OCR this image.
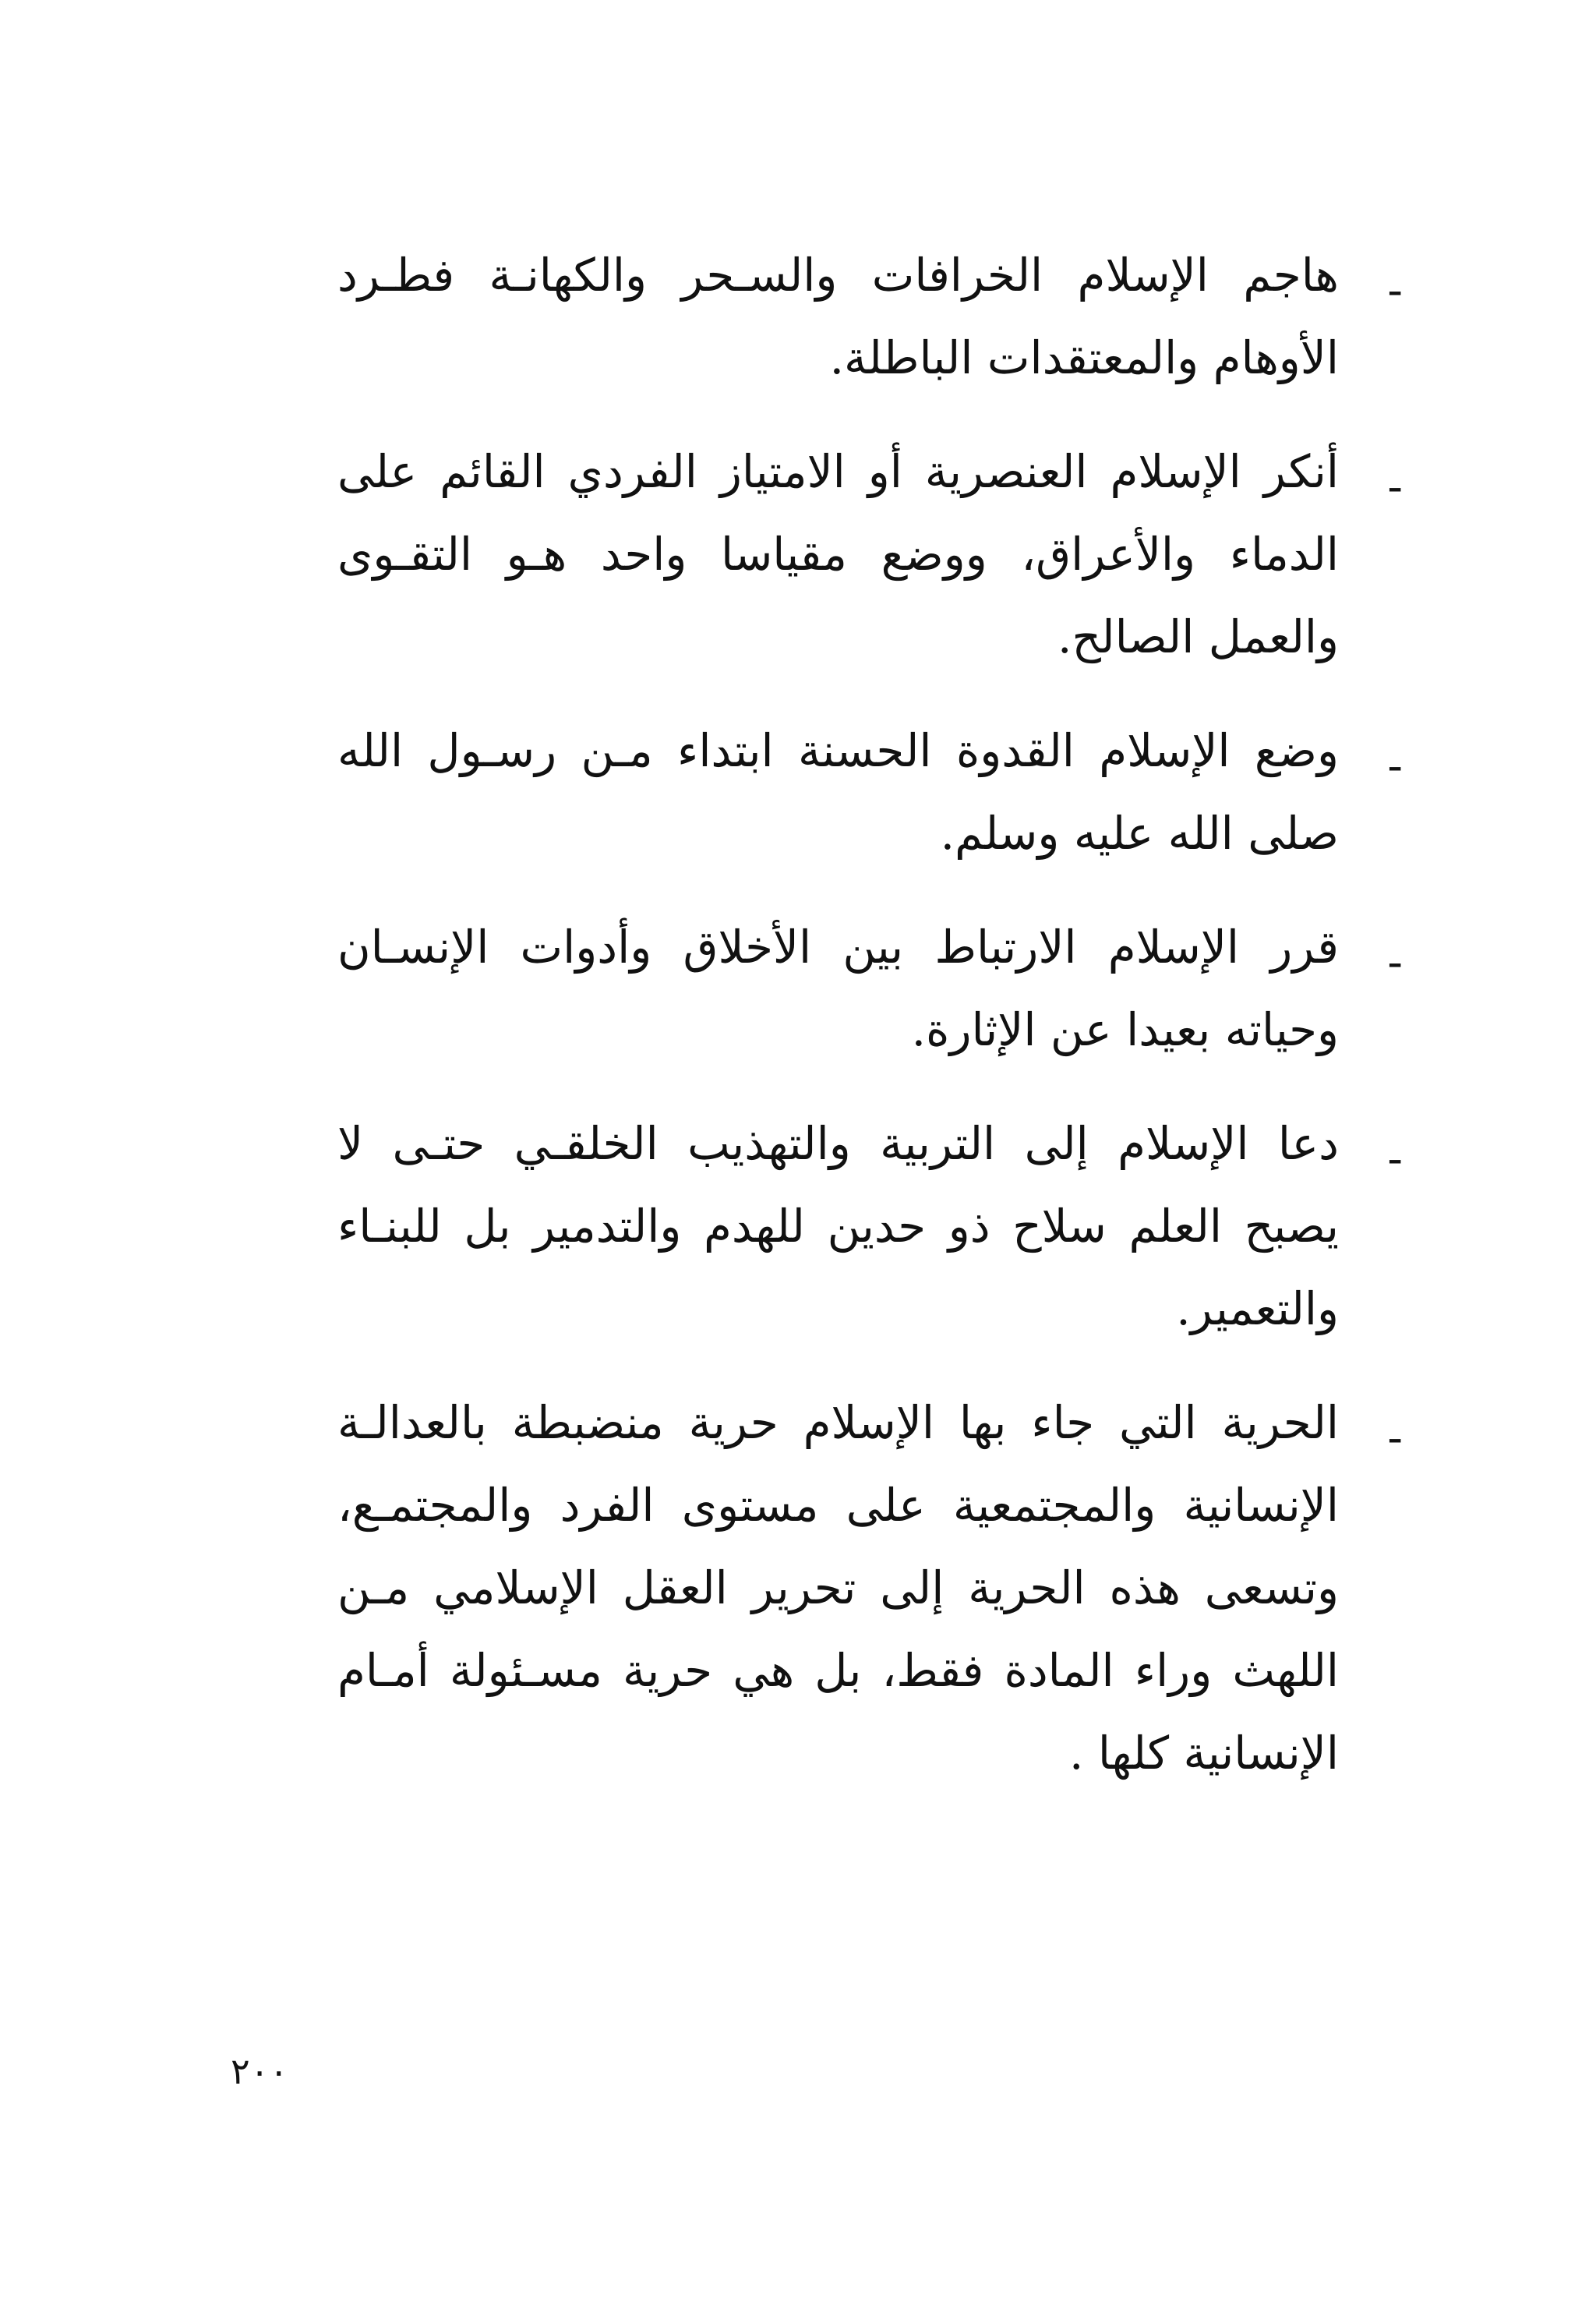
-
هاجم الإسلام الخرافات والسـحر والكهانـة فطـرد الأوهام والمعتقدات الباطلة.
-
أنكر الإسلام العنصرية أو الامتياز الفردي القائم على الدماء والأعراق، ووضع مقياسا واحد هـو التقـوى والعمل الصالح.
-
وضع الإسلام القدوة الحسنة ابتداء مـن رسـول الله صلى الله عليه وسلم.
-
قرر الإسلام الارتباط بين الأخلاق وأدوات الإنسـان وحياته بعيدا عن الإثارة.
-
دعا الإسلام إلى التربية والتهذيب الخلقـي حتـى لا يصبح العلم سلاح ذو حدين للهدم والتدمير بل للبنـاء والتعمير.
-
الحرية التي جاء بها الإسلام حرية منضبطة بالعدالـة الإنسانية والمجتمعية على مستوى الفرد والمجتمـع، وتسعى هذه الحرية إلى تحرير العقل الإسلامي مـن اللهث وراء المادة فقط، بل هي حرية مسـئولة أمـام الإنسانية كلها .
٢٠٠
